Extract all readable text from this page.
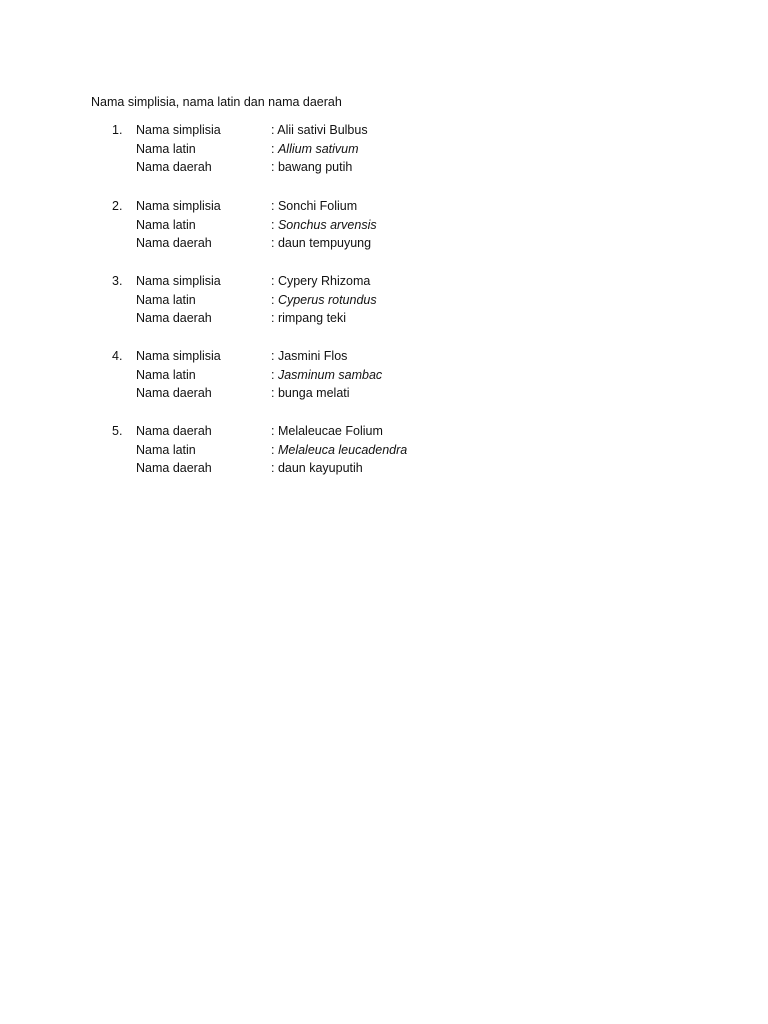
Nama simplisia, nama latin dan nama daerah
1.	Nama simplisia	: Alii sativi Bulbus
Nama latin	: Allium sativum
Nama daerah	: bawang putih
2.	Nama simplisia	: Sonchi Folium
Nama latin	: Sonchus arvensis
Nama daerah	: daun tempuyung
3.	Nama simplisia	: Cypery Rhizoma
Nama latin	: Cyperus rotundus
Nama daerah	: rimpang teki
4.	Nama simplisia	: Jasmini Flos
Nama latin	: Jasminum sambac
Nama daerah	: bunga melati
5.	Nama daerah	: Melaleucae Folium
Nama latin	: Melaleuca leucadendra
Nama daerah	: daun kayuputih
